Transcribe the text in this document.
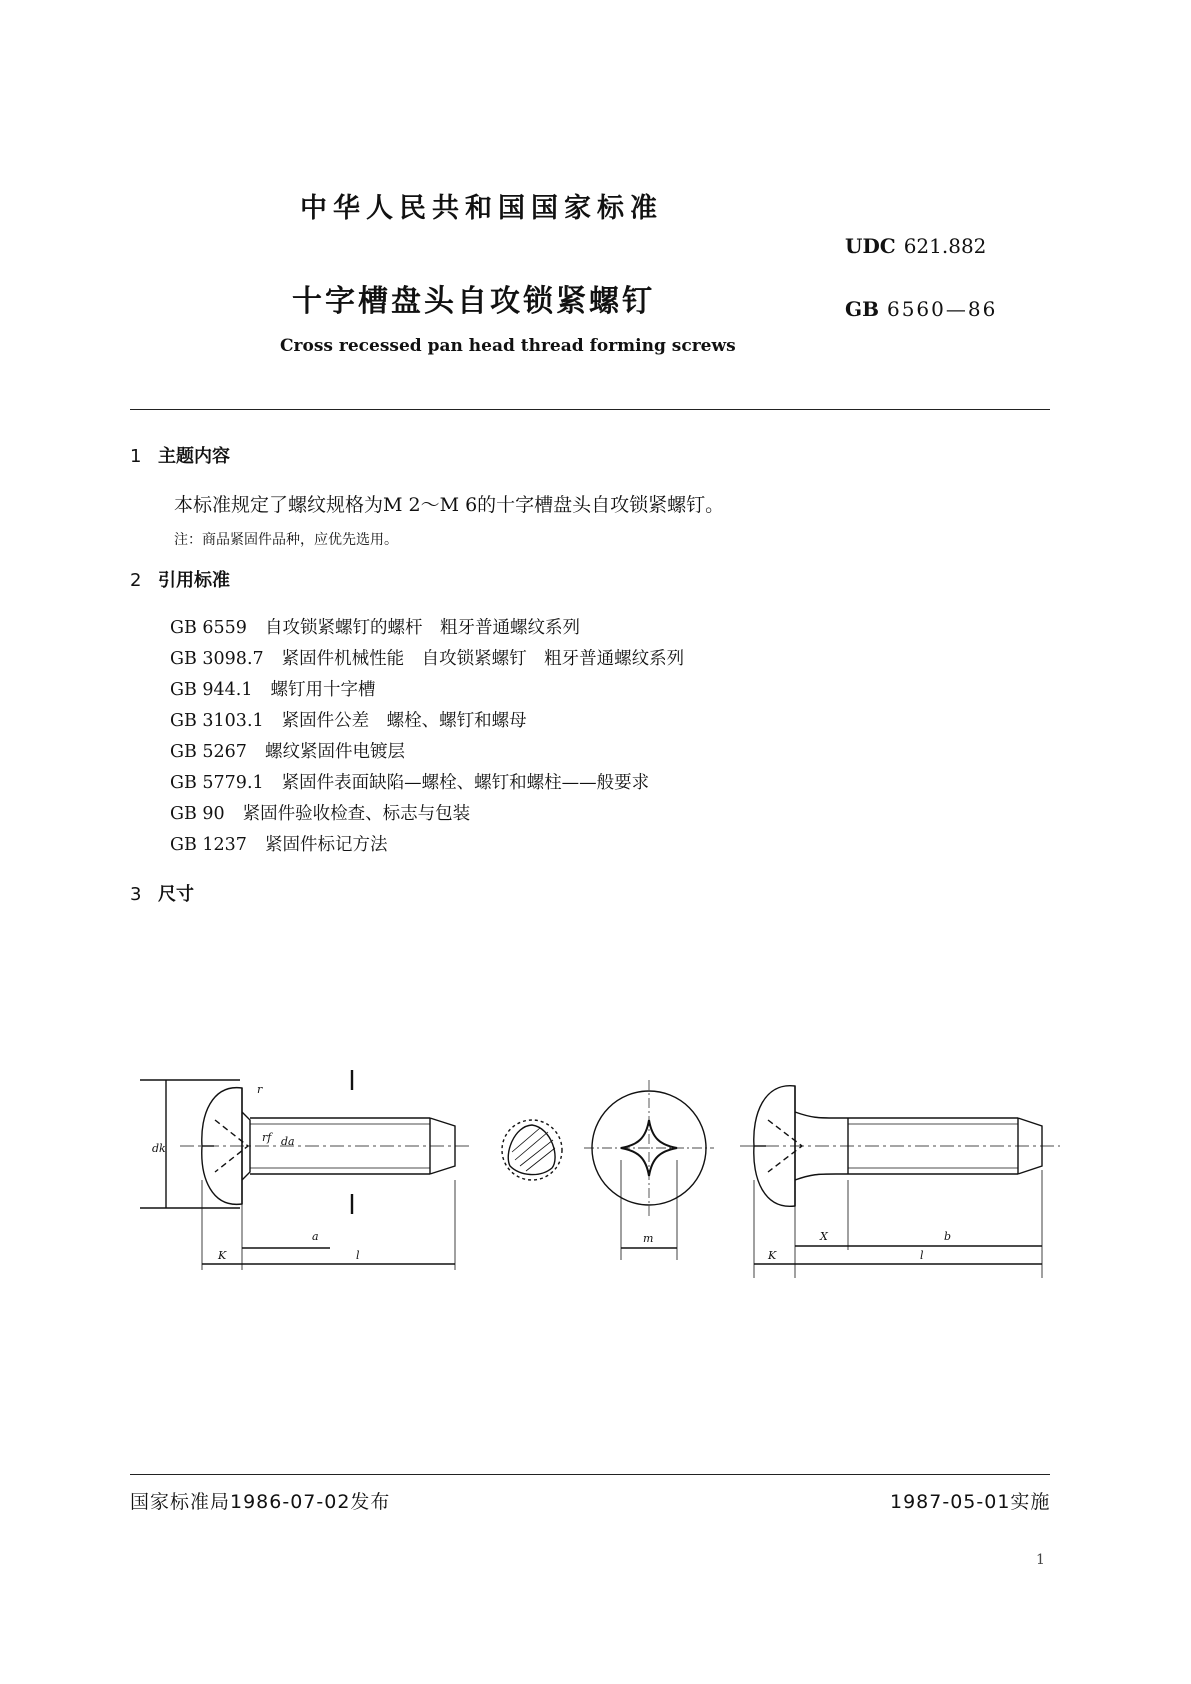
中华人民共和国国家标准
UDC 621.882
十字槽盘头自攻锁紧螺钉	GB 6560—86
Cross recessed pan head thread forming screws
1 主题内容
本标准规定了螺纹规格为M 2～M 6的十字槽盘头自攻锁紧螺钉。
注：商品紧固件品种，应优先选用。
2 引用标准
GB 6559 自攻锁紧螺钉的螺杆　粗牙普通螺纹系列
GB 3098.7 紧固件机械性能　自攻锁紧螺钉　粗牙普通螺纹系列
GB 944.1 螺钉用十字槽
GB 3103.1 紧固件公差　螺栓、螺钉和螺母
GB 5267 螺纹紧固件电镀层
GB 5779.1 紧固件表面缺陷—螺栓、螺钉和螺柱——般要求
GB 90 紧固件验收检查、标志与包装
GB 1237 紧固件标记方法
3 尺寸
dk
r
rf da
a
K	l
m	X	b
K	l
国家标准局1986-07-02发布	1987-05-01实施
1
